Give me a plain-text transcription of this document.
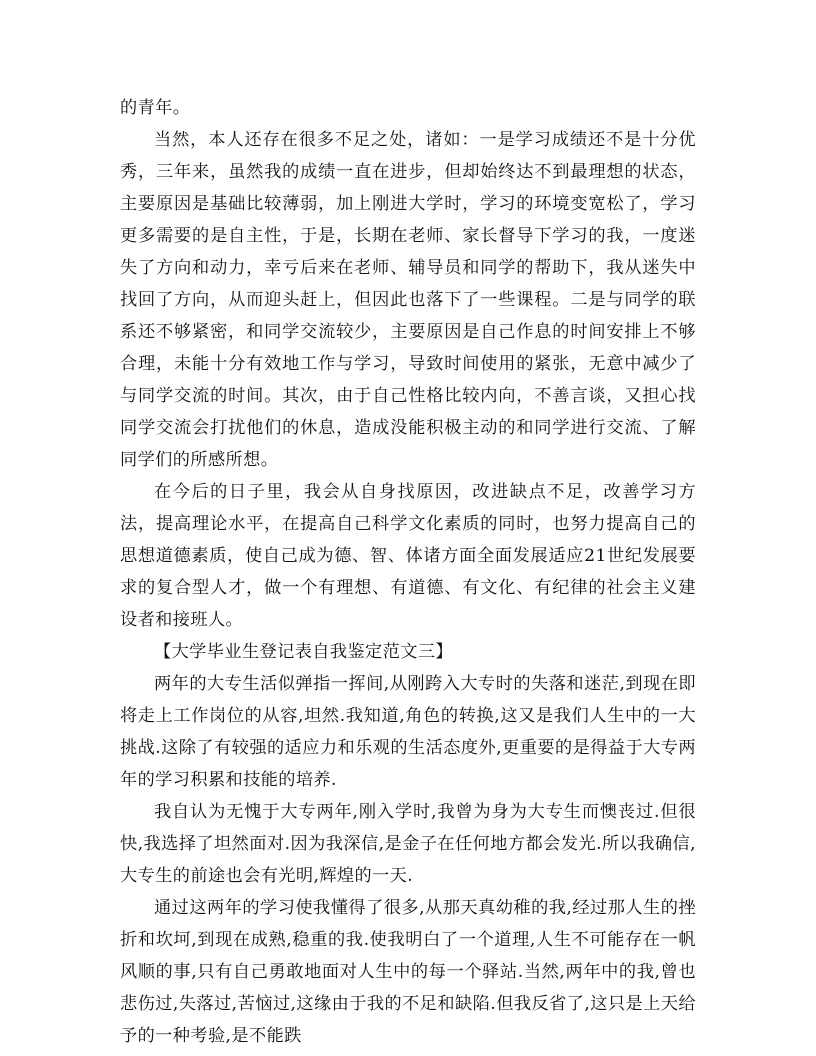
的青年。

当然，本人还存在很多不足之处，诸如：一是学习成绩还不是十分优秀，三年来，虽然我的成绩一直在进步，但却始终达不到最理想的状态，主要原因是基础比较薄弱，加上刚进大学时，学习的环境变宽松了，学习更多需要的是自主性，于是，长期在老师、家长督导下学习的我，一度迷失了方向和动力，幸亏后来在老师、辅导员和同学的帮助下，我从迷失中找回了方向，从而迎头赶上，但因此也落下了一些课程。二是与同学的联系还不够紧密，和同学交流较少，主要原因是自己作息的时间安排上不够合理，未能十分有效地工作与学习，导致时间使用的紧张，无意中减少了与同学交流的时间。其次，由于自己性格比较内向，不善言谈，又担心找同学交流会打扰他们的休息，造成没能积极主动的和同学进行交流、了解同学们的所感所想。

在今后的日子里，我会从自身找原因，改进缺点不足，改善学习方法，提高理论水平，在提高自己科学文化素质的同时，也努力提高自己的思想道德素质，使自己成为德、智、体诸方面全面发展适应21世纪发展要求的复合型人才，做一个有理想、有道德、有文化、有纪律的社会主义建设者和接班人。

【大学毕业生登记表自我鉴定范文三】

两年的大专生活似弹指一挥间,从刚跨入大专时的失落和迷茫,到现在即将走上工作岗位的从容,坦然.我知道,角色的转换,这又是我们人生中的一大挑战.这除了有较强的适应力和乐观的生活态度外,更重要的是得益于大专两年的学习积累和技能的培养.

我自认为无愧于大专两年,刚入学时,我曾为身为大专生而懊丧过.但很快,我选择了坦然面对.因为我深信,是金子在任何地方都会发光.所以我确信,大专生的前途也会有光明,辉煌的一天.

通过这两年的学习使我懂得了很多,从那天真幼稚的我,经过那人生的挫折和坎坷,到现在成熟,稳重的我.使我明白了一个道理,人生不可能存在一帆风顺的事,只有自己勇敢地面对人生中的每一个驿站.当然,两年中的我,曾也悲伤过,失落过,苦恼过,这缘由于我的不足和缺陷.但我反省了,这只是上天给予的一种考验,是不能跌
